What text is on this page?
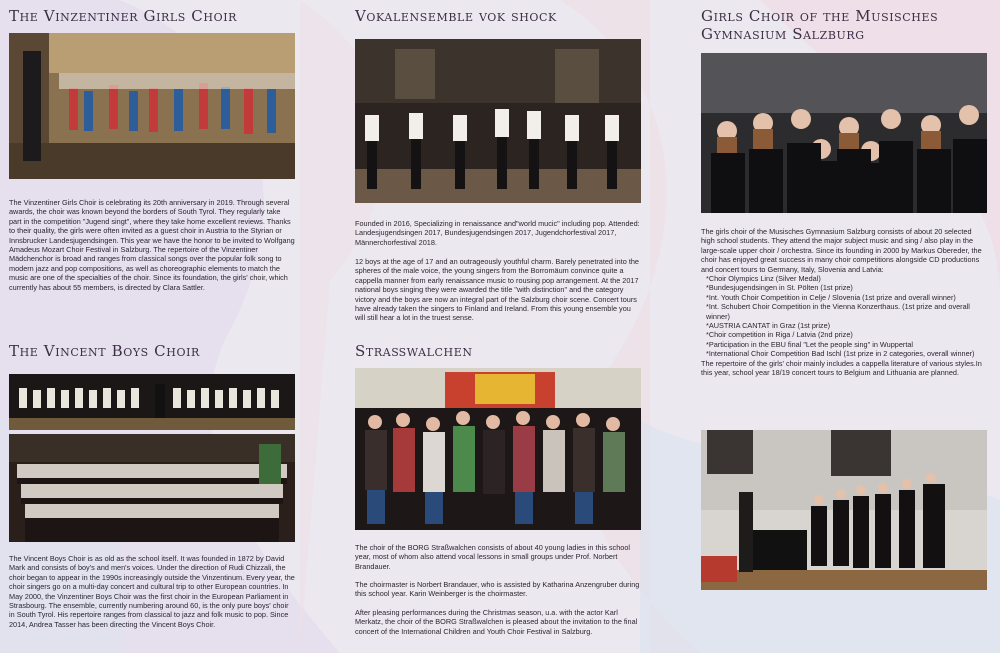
The Vinzentiner Girls Choir

The Vinzentiner Girls Choir is celebrating its 20th anniversary in 2019. Through several awards, the choir was known beyond the borders of South Tyrol. They regularly take part in the competition "Jugend singt", where they take home excellent reviews. Thanks to their quality, the girls were often invited as a guest choir in Austria to the Styrian or Innsbrucker Landesjugendsingen. This year we have the honor to be invited to Wolfgang Amadeus Mozart Choir Festival in Salzburg. The repertoire of the Vinzentiner Mädchenchor is broad and ranges from classical songs over the popular folk song to modern jazz and pop compositions, as well as choreographic elements to match the music are one of the specialties of the choir. Since its foundation, the girls' choir, which currently has about 55 members, is directed by Clara Sattler.

The Vincent Boys Choir

The Vincent Boys Choir is as old as the school itself. It was founded in 1872 by David Mark and consists of boy's and men's voices. Under the direction of Rudi Chizzali, the choir began to appear in the 1990s increasingly outside the Vinzentinum. Every year, the choir singers go on a multi-day concert and cultural trip to other European countries. In May 2000, the Vinzentiner Boys Choir was the first choir in the European Parliament in Strasbourg. The ensemble, currently numbering around 60, is the only pure boys' choir in South Tyrol. His repertoire ranges from classical to jazz and folk music to pop. Since 2014, Andrea Tasser has been directing the Vincent Boys Choir.

Vokalensemble vok shock

Founded in 2016, Specializing in renaissance and"world mucic" including pop. Attended: Landesjugendsingen 2017, Bundesjugendsingen 2017, Jugendchorfestival 2017, Männerchorfestival 2018.

12 boys at the age of 17 and an outrageously youthful charm. Barely penetrated into the spheres of the male voice, the young singers from the Borromäum convince quite a cappella manner from early renaissance music to rousing pop arrangement. At the 2017 national boys singing they were awarded the title "with distinction" and the category victory and the boys are now an integral part of the Salzburg choir scene. Concert tours have already taken the singers to Finland and Ireland. From this young ensemble you will still hear a lot in the truest sense.

Straßwalchen

The choir of the BORG Straßwalchen consists of about 40 young ladies in this school year, most of whom also attend vocal lessons in small groups under Prof. Norbert Brandauer.

The choirmaster is Norbert Brandauer, who is assisted by Katharina Anzengruber during this school year. Karin Weinberger is the choirmaster.

After pleasing performances during the Christmas season, u.a. with the actor Karl Merkatz, the choir of the BORG Straßwalchen is pleased about the invitation to the final concert of the International Children and Youth Choir Festival in Salzburg.

Girls Choir of the Musisches Gymnasium Salzburg

The girls choir of the Musisches Gymnasium Salzburg consists of about 20 selected high school students. They attend the major subject music and sing / also play in the large-scale upper choir / orchestra. Since its founding in 2000 by Markus Obereder, the choir has enjoyed great success in many choir competitions alongside CD productions and concert tours to Germany, Italy, Slovenia and Latvia:

*Choir Olympics Linz (Silver Medal)

*Bundesjugendsingen in St. Pölten (1st prize)

*Int. Youth Choir Competition in Celje / Slovenia (1st prize and overall winner)

*Int. Schubert Choir Competition in the Vienna Konzerthaus. (1st prize and overall winner)

*AUSTRIA CANTAT in Graz (1st prize)

*Choir competition in Riga / Latvia (2nd prize)

*Participation in the EBU final "Let the people sing" in Wuppertal

*International Choir Competition Bad Ischl (1st prize in 2 categories, overall winner)

The repertoire of the girls' choir mainly includes a cappella literature of various styles.In this year, school year 18/19 concert tours to Belgium and Lithuania are planned.
